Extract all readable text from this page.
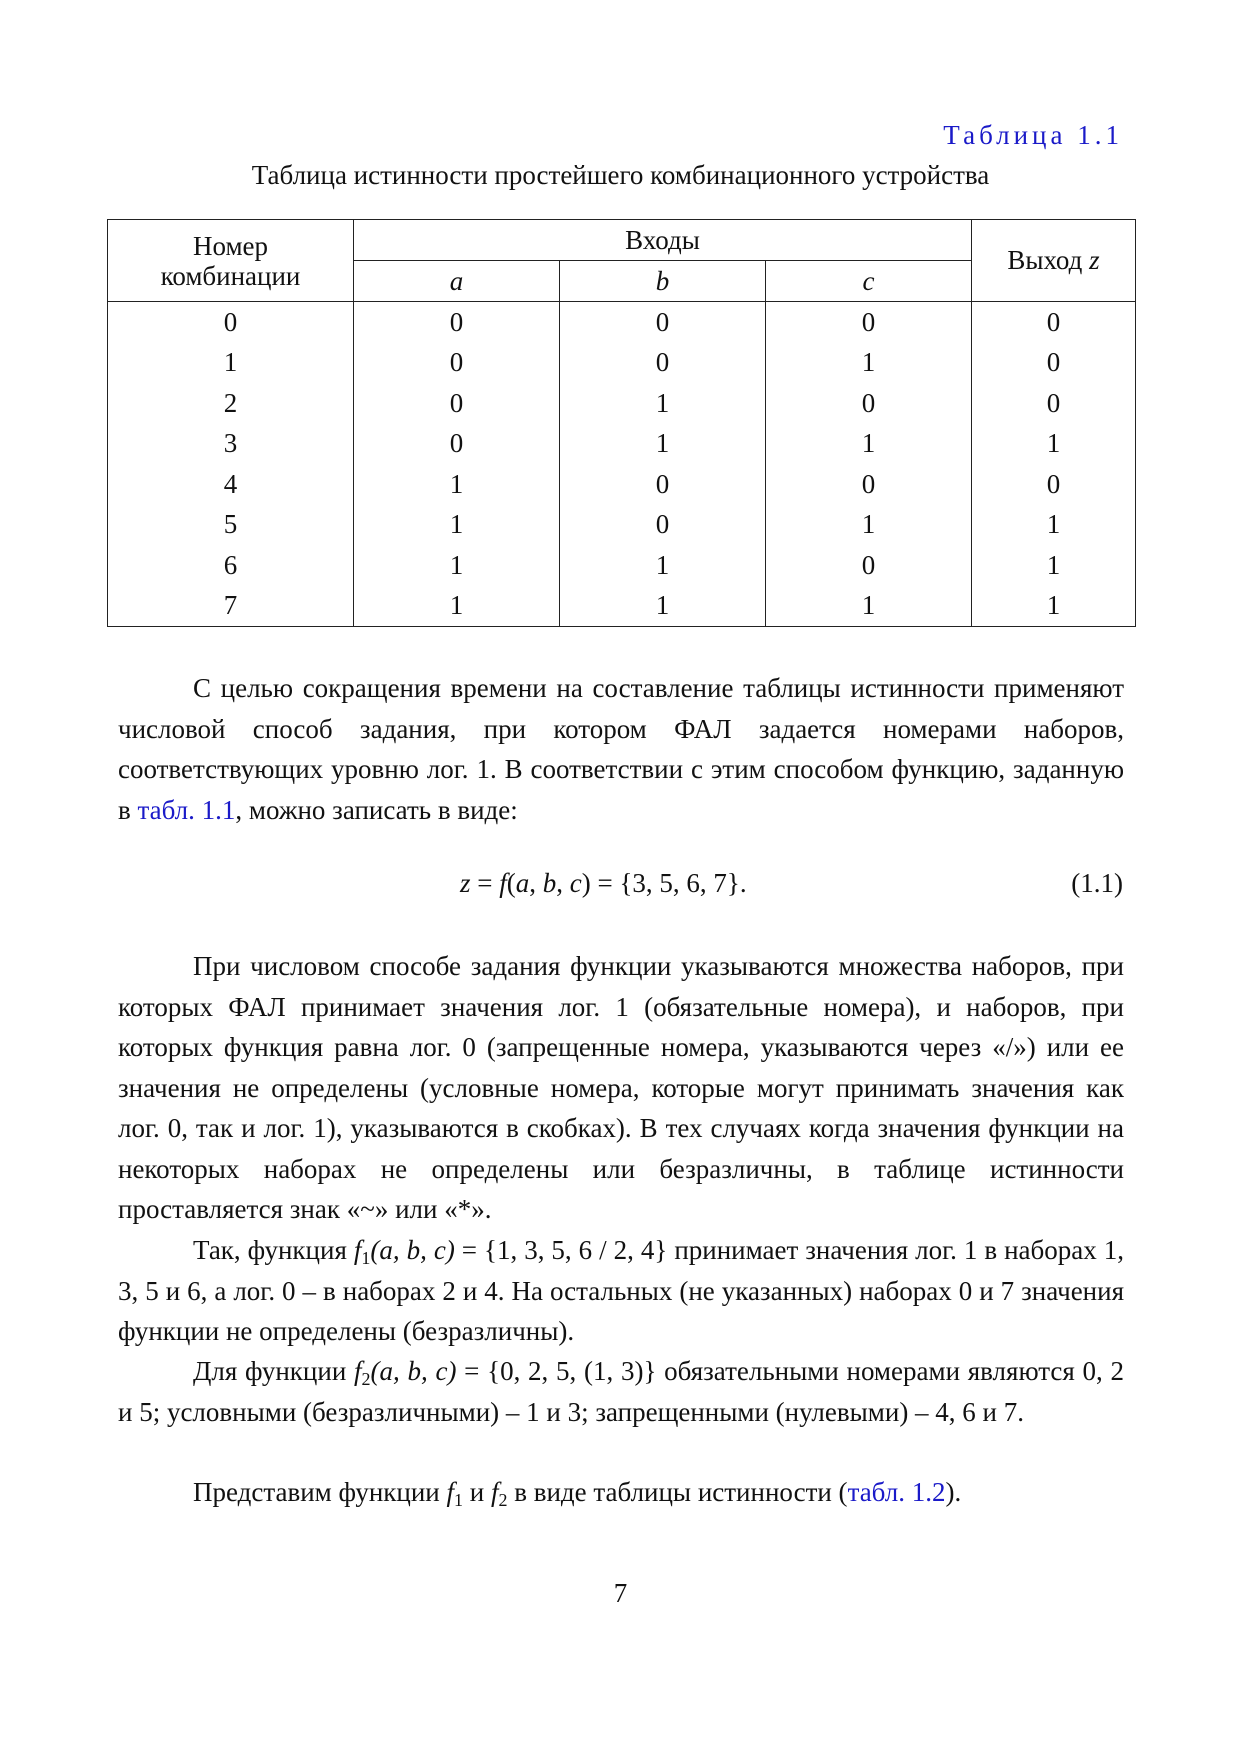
Таблица 1.1
Таблица истинности простейшего комбинационного устройства
Номер комбинации	Входы			Выход z
	a	b	c	
0	0	0	0	0
1	0	0	1	0
2	0	1	0	0
3	0	1	1	1
4	1	0	0	0
5	1	0	1	1
6	1	1	0	1
7	1	1	1	1
С целью сокращения времени на составление таблицы истинности применяют числовой способ задания, при котором ФАЛ задается номерами наборов, соответствующих уровню лог. 1. В соответствии с этим способом функцию, заданную в табл. 1.1, можно записать в виде:
z = f(a, b, c) = {3, 5, 6, 7}.	(1.1)
При числовом способе задания функции указываются множества наборов, при которых ФАЛ принимает значения лог. 1 (обязательные номера), и наборов, при которых функция равна лог. 0 (запрещенные номера, указываются через «/») или ее значения не определены (условные номера, которые могут принимать значения как лог. 0, так и лог. 1), указываются в скобках). В тех случаях когда значения функции на некоторых наборах не определены или безразличны, в таблице истинности проставляется знак «~» или «*».
Так, функция $f_1(a$, b, c) = {1, 3, 5, 6 / 2, 4} принимает значения лог. 1 в наборах 1, 3, 5 и 6, а лог. 0 – в наборах 2 и 4. На остальных (не указанных) наборах 0 и 7 значения функции не определены (безразличны).
Для функции $f_2(a$, b, c) = {0, 2, 5, (1, 3)} обязательными номерами являются 0, 2 и 5; условными (безразличными) – 1 и 3; запрещенными (нулевыми) – 4, 6 и 7.
Представим функции $f_1$ и $f_2$ в виде таблицы истинности (табл. 1.2).
7
